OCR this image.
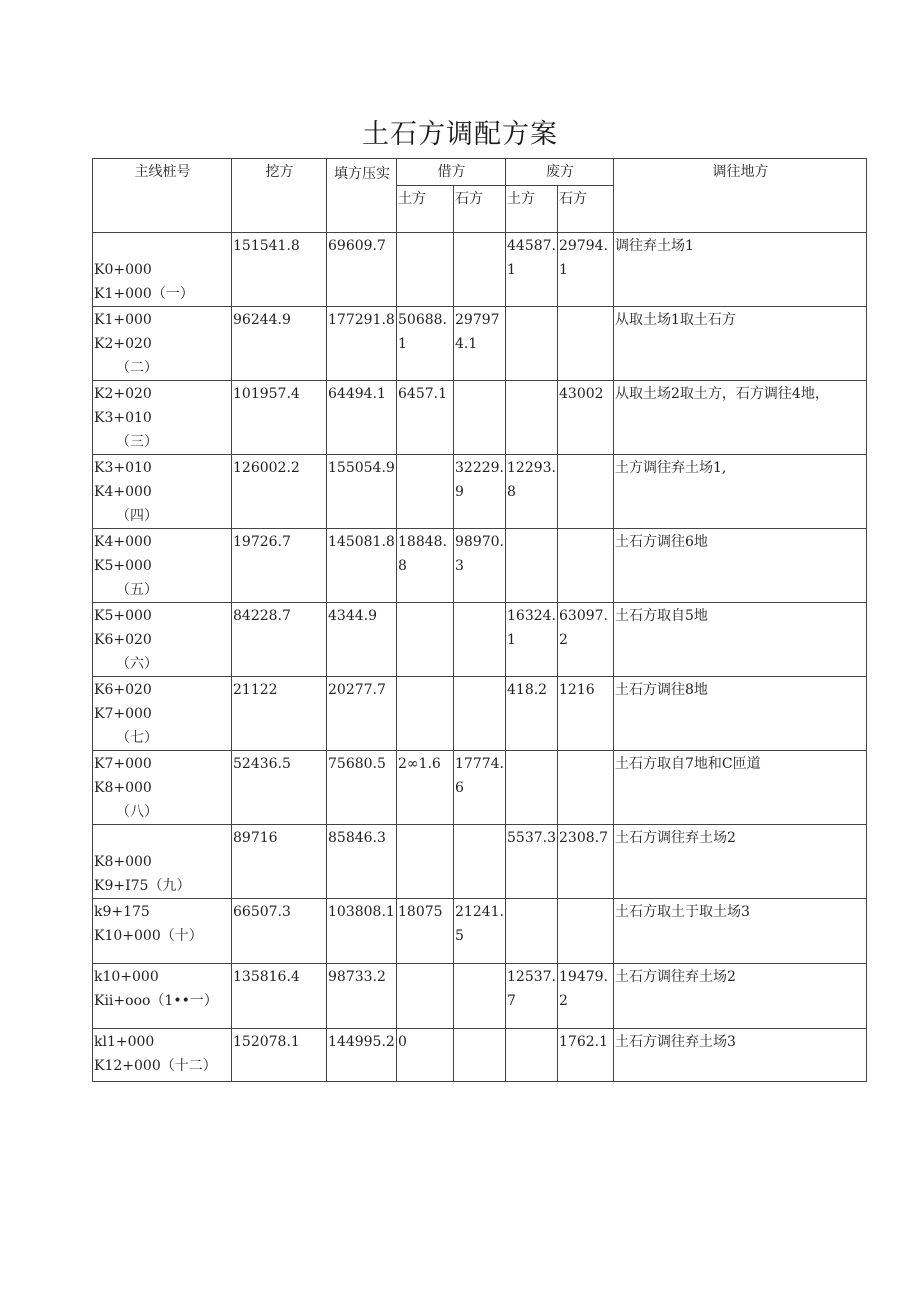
土石方调配方案
主线桩号	挖方	填方压实	借方		废方		调往地方
			土方	石方	土方	石方	

K0+000
K1+000（一）	151541.8	69609.7			44587.1	29794.1	调往弃土场1

K1+000
K2+020
（二）	96244.9	177291.8	50688.1	297974.1			从取土场1取土石方

K2+020
K3+010
（三）	101957.4	64494.1	6457.1			43002	从取土场2取土方，石方调往4地，

K3+010
K4+000
（四）	126002.2	155054.9		32229.9	12293.8		土方调往弃土场1,

K4+000
K5+000
（五）	19726.7	145081.8	18848.8	98970.3			土石方调往6地

K5+000
K6+020
（六）	84228.7	4344.9			16324.1	63097.2	土石方取自5地

K6+020
K7+000
（七）	21122	20277.7			418.2	1216	土石方调往8地

K7+000
K8+000
（八）	52436.5	75680.5	2∞1.6	17774.6			土石方取自7地和C匝道

K8+000
K9+I75（九）	89716	85846.3			5537.3	2308.7	土石方调往弃土场2

k9+175
K10+000（十）	66507.3	103808.1	18075	21241.5			土石方取土于取土场3

k10+000
Kii+ooo（1••一）	135816.4	98733.2			12537.7	19479.2	土石方调往弃土场2

kl1+000
K12+000（十二）	152078.1	144995.2	0			1762.1	土石方调往弃土场3
